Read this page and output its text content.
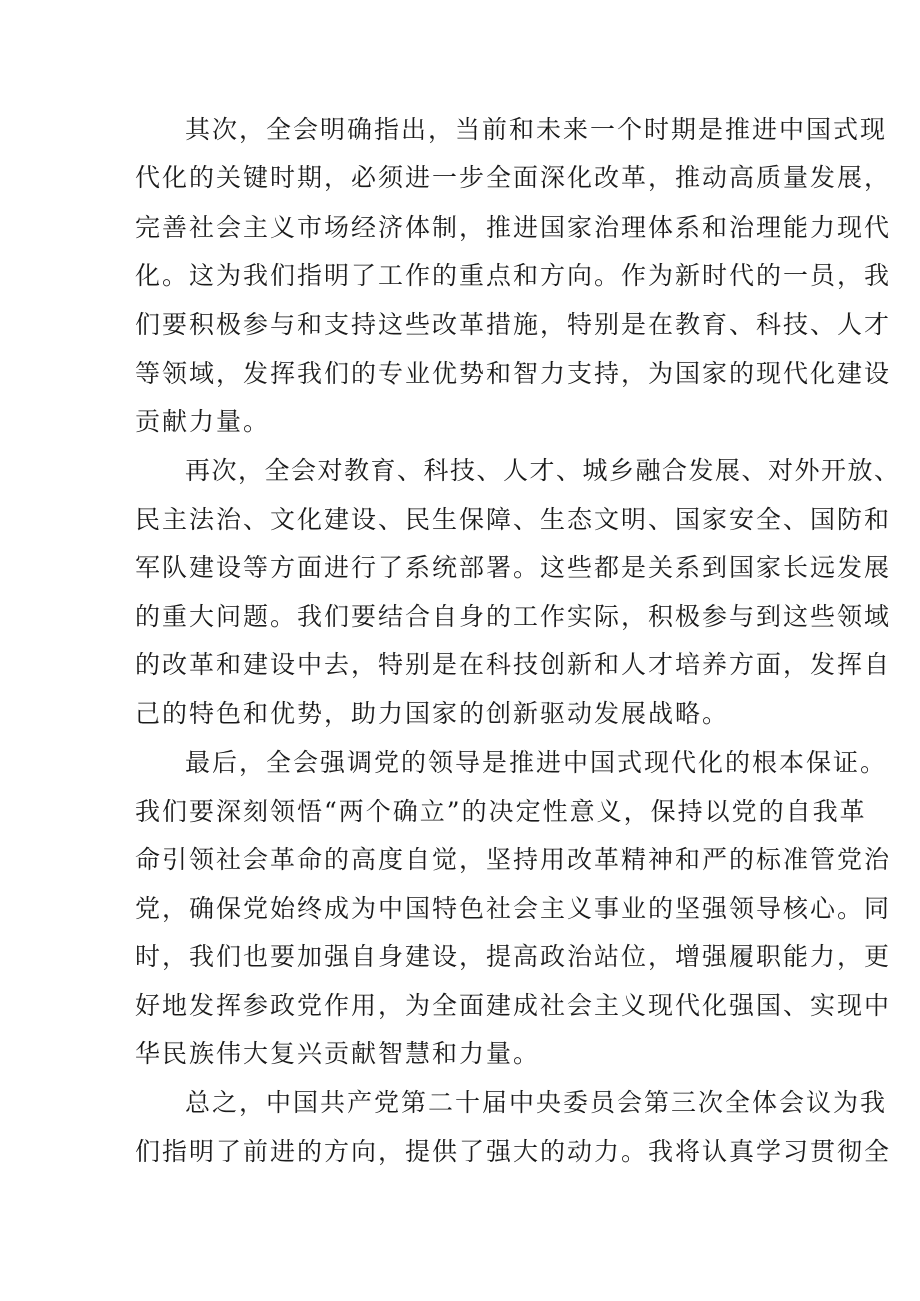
其次，全会明确指出，当前和未来一个时期是推进中国式现
代化的关键时期，必须进一步全面深化改革，推动高质量发展，
完善社会主义市场经济体制，推进国家治理体系和治理能力现代
化。这为我们指明了工作的重点和方向。作为新时代的一员，我
们要积极参与和支持这些改革措施，特别是在教育、科技、人才
等领域，发挥我们的专业优势和智力支持，为国家的现代化建设
贡献力量。
再次，全会对教育、科技、人才、城乡融合发展、对外开放、
民主法治、文化建设、民生保障、生态文明、国家安全、国防和
军队建设等方面进行了系统部署。这些都是关系到国家长远发展
的重大问题。我们要结合自身的工作实际，积极参与到这些领域
的改革和建设中去，特别是在科技创新和人才培养方面，发挥自
己的特色和优势，助力国家的创新驱动发展战略。
最后，全会强调党的领导是推进中国式现代化的根本保证。
我们要深刻领悟“两个确立”的决定性意义，保持以党的自我革
命引领社会革命的高度自觉，坚持用改革精神和严的标准管党治
党，确保党始终成为中国特色社会主义事业的坚强领导核心。同
时，我们也要加强自身建设，提高政治站位，增强履职能力，更
好地发挥参政党作用，为全面建成社会主义现代化强国、实现中
华民族伟大复兴贡献智慧和力量。
总之，中国共产党第二十届中央委员会第三次全体会议为我
们指明了前进的方向，提供了强大的动力。我将认真学习贯彻全
